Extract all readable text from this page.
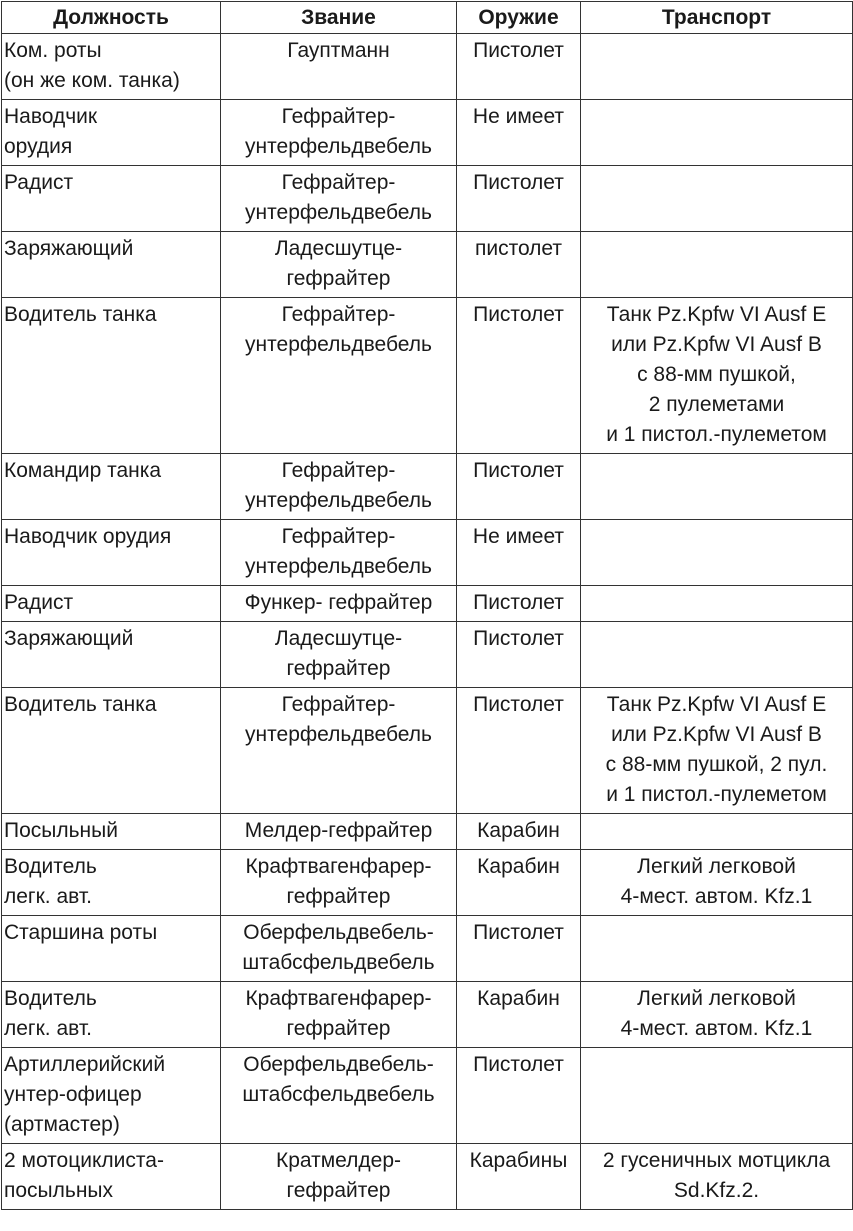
Должность	Звание	Оружие	Транспорт

Ком. роты
(он же ком. танка)	Гауптманн	Пистолет	

Наводчик
орудия	Гефрайтер-
унтерфельдвебель	Не имеет	

Радист	Гефрайтер-
унтерфельдвебель	Пистолет	

Заряжающий	Ладесшутце-
гефрайтер	пистолет	

Водитель танка	Гефрайтер-
унтерфельдвебель	Пистолет	Танк Pz.Kpfw VI Ausf E
или Pz.Kpfw VI Ausf B
с 88-мм пушкой,
2 пулеметами
и 1 пистол.-пулеметом

Командир танка	Гефрайтер-
унтерфельдвебель	Пистолет	

Наводчик орудия	Гефрайтер-
унтерфельдвебель	Не имеет	

Радист	Функер- гефрайтер	Пистолет	

Заряжающий	Ладесшутце-
гефрайтер	Пистолет	

Водитель танка	Гефрайтер-
унтерфельдвебель	Пистолет	Танк Pz.Kpfw VI Ausf E
или Pz.Kpfw VI Ausf B
с 88-мм пушкой, 2 пул.
и 1 пистол.-пулеметом

Посыльный	Мелдер-гефрайтер	Карабин	

Водитель
легк. авт.	Крафтвагенфарер-
гефрайтер	Карабин	Легкий легковой
4-мест. автом. Kfz.1

Старшина роты	Оберфельдвебель-
штабсфельдвебель	Пистолет	

Водитель
легк. авт.	Крафтвагенфарер-
гефрайтер	Карабин	Легкий легковой
4-мест. автом. Kfz.1

Артиллерийский
унтер-офицер
(артмастер)	Оберфельдвебель-
штабсфельдвебель	Пистолет	

2 мотоциклиста-
посыльных	Кратмелдер-
гефрайтер	Карабины	2 гусеничных мотцикла
Sd.Kfz.2.
